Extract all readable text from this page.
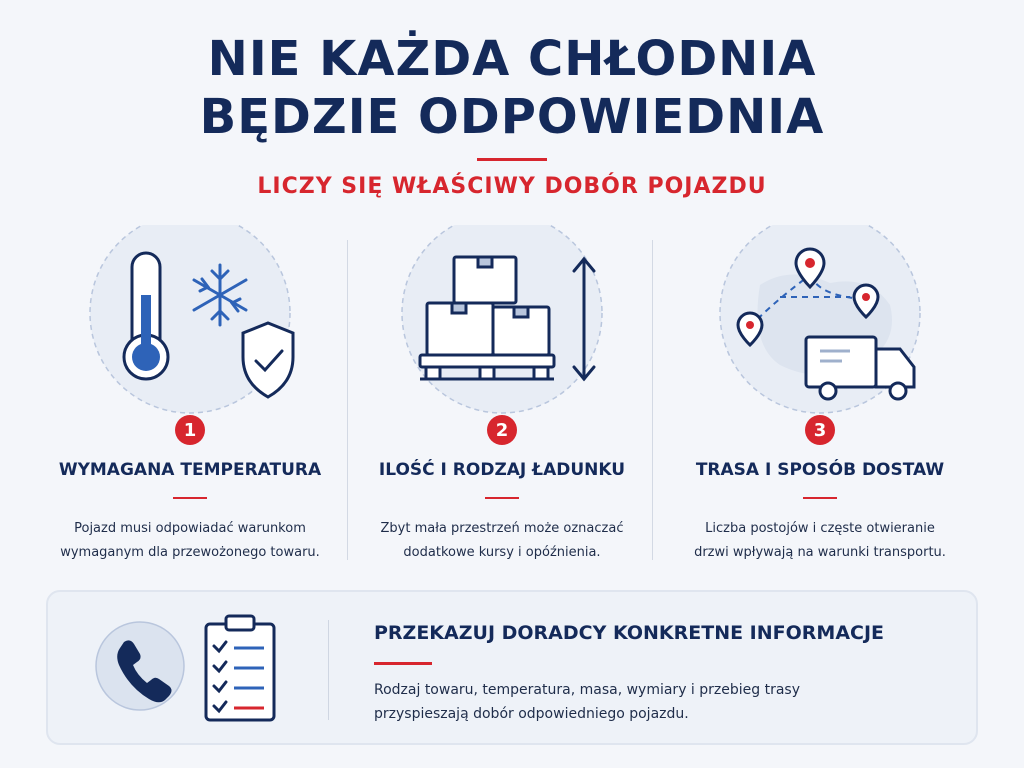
NIE KAŻDA CHŁODNIA
BĘDZIE ODPOWIEDNIA
LICZY SIĘ WŁAŚCIWY DOBÓR POJAZDU
1
WYMAGANA TEMPERATURA
Pojazd musi odpowiadać warunkom
wymaganym dla przewożonego towaru.
2
ILOŚĆ I RODZAJ ŁADUNKU
Zbyt mała przestrzeń może oznaczać
dodatkowe kursy i opóźnienia.
3
TRASA I SPOSÓB DOSTAW
Liczba postojów i częste otwieranie
drzwi wpływają na warunki transportu.
PRZEKAZUJ DORADCY KONKRETNE INFORMACJE
Rodzaj towaru, temperatura, masa, wymiary i przebieg trasy
przyspieszają dobór odpowiedniego pojazdu.
